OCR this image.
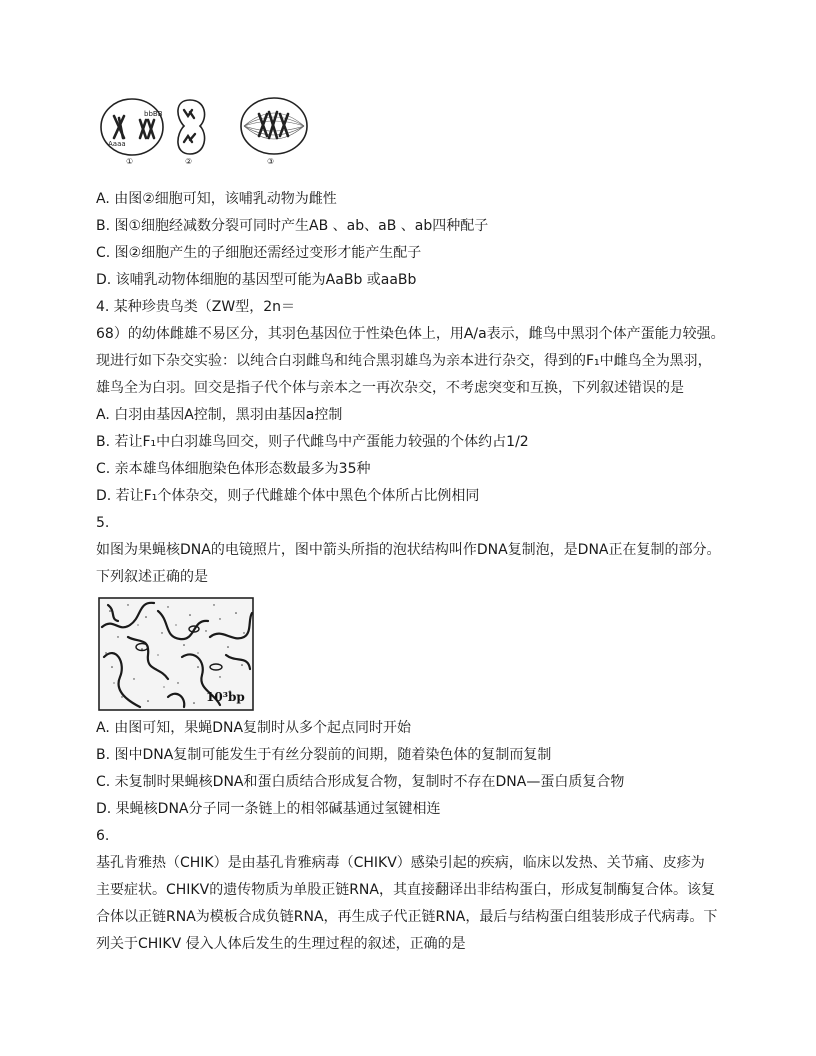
bbBB
Aaaa
①	②	③
A. 由图②细胞可知，该哺乳动物为雌性
B. 图①细胞经减数分裂可同时产生AB 、ab、aB 、ab四种配子
C. 图②细胞产生的子细胞还需经过变形才能产生配子
D. 该哺乳动物体细胞的基因型可能为AaBb 或aaBb
4. 某种珍贵鸟类（ZW型，2n＝
68）的幼体雌雄不易区分，其羽色基因位于性染色体上，用A/a表示，雌鸟中黑羽个体产蛋能力较强。
现进行如下杂交实验：以纯合白羽雌鸟和纯合黑羽雄鸟为亲本进行杂交，得到的F₁中雌鸟全为黑羽，
雄鸟全为白羽。回交是指子代个体与亲本之一再次杂交，不考虑突变和互换，下列叙述错误的是
A. 白羽由基因A控制，黑羽由基因a控制
B. 若让F₁中白羽雄鸟回交，则子代雌鸟中产蛋能力较强的个体约占1/2
C. 亲本雄鸟体细胞染色体形态数最多为35种
D. 若让F₁个体杂交，则子代雌雄个体中黑色个体所占比例相同
5.
如图为果蝇核DNA的电镜照片，图中箭头所指的泡状结构叫作DNA复制泡，是DNA正在复制的部分。
下列叙述正确的是
10³bp
A. 由图可知，果蝇DNA复制时从多个起点同时开始
B. 图中DNA复制可能发生于有丝分裂前的间期，随着染色体的复制而复制
C. 未复制时果蝇核DNA和蛋白质结合形成复合物，复制时不存在DNA—蛋白质复合物
D. 果蝇核DNA分子同一条链上的相邻碱基通过氢键相连
6.
基孔肯雅热（CHIK）是由基孔肯雅病毒（CHIKV）感染引起的疾病，临床以发热、关节痛、皮疹为
主要症状。CHIKV的遗传物质为单股正链RNA，其直接翻译出非结构蛋白，形成复制酶复合体。该复
合体以正链RNA为模板合成负链RNA，再生成子代正链RNA，最后与结构蛋白组装形成子代病毒。下
列关于CHIKV 侵入人体后发生的生理过程的叙述，正确的是
